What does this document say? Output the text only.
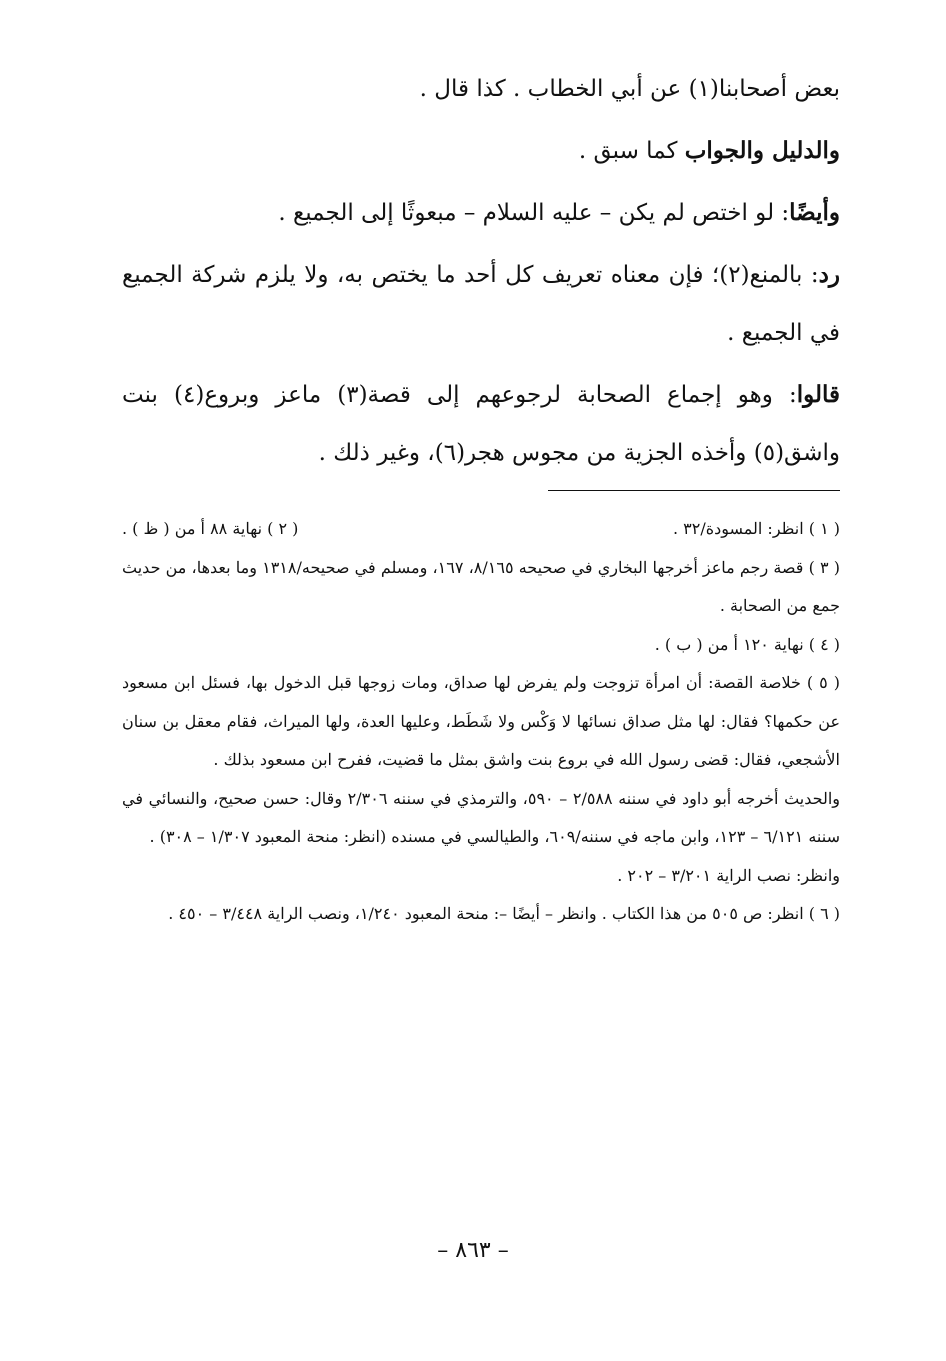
بعض أصحابنا(١) عن أبي الخطاب . كذا قال .

والدليل والجواب كما سبق .

وأيضًا: لو اختص لم يكن – عليه السلام – مبعوثًا إلى الجميع .

رد: بالمنع(٢)؛ فإن معناه تعريف كل أحد ما يختص به، ولا يلزم شركة الجميع في الجميع .

قالوا: وهو إجماع الصحابة لرجوعهم إلى قصة(٣) ماعز وبروع(٤) بنت واشق(٥) وأخذه الجزية من مجوس هجر(٦)، وغير ذلك .

( ١ ) انظر: المسودة/٣٢ .

( ٢ ) نهاية ٨٨ أ من ( ظ ) .

( ٣ ) قصة رجم ماعز أخرجها البخاري في صحيحه ٨/١٦٥، ١٦٧، ومسلم في صحيحه/١٣١٨ وما بعدها، من حديث جمع من الصحابة .

( ٤ ) نهاية ١٢٠ أ من ( ب ) .

( ٥ ) خلاصة القصة: أن امرأة تزوجت ولم يفرض لها صداق، ومات زوجها قبل الدخول بها، فسئل ابن مسعود عن حكمها؟ فقال: لها مثل صداق نسائها لا وَكْس ولا شَطَط، وعليها العدة، ولها الميراث، فقام معقل بن سنان الأشجعي، فقال: قضى رسول الله في بروع بنت واشق بمثل ما قضيت، ففرح ابن مسعود بذلك .

والحديث أخرجه أبو داود في سننه ٢/٥٨٨ – ٥٩٠، والترمذي في سننه ٢/٣٠٦ وقال: حسن صحيح، والنسائي في سننه ٦/١٢١ – ١٢٣، وابن ماجه في سننه/٦٠٩، والطيالسي في مسنده (انظر: منحة المعبود ١/٣٠٧ – ٣٠٨) .

وانظر: نصب الراية ٣/٢٠١ – ٢٠٢ .

( ٦ ) انظر: ص ٥٠٥ من هذا الكتاب . وانظر – أيضًا –: منحة المعبود ١/٢٤٠، ونصب الراية ٣/٤٤٨ – ٤٥٠ .

– ٨٦٣ –
